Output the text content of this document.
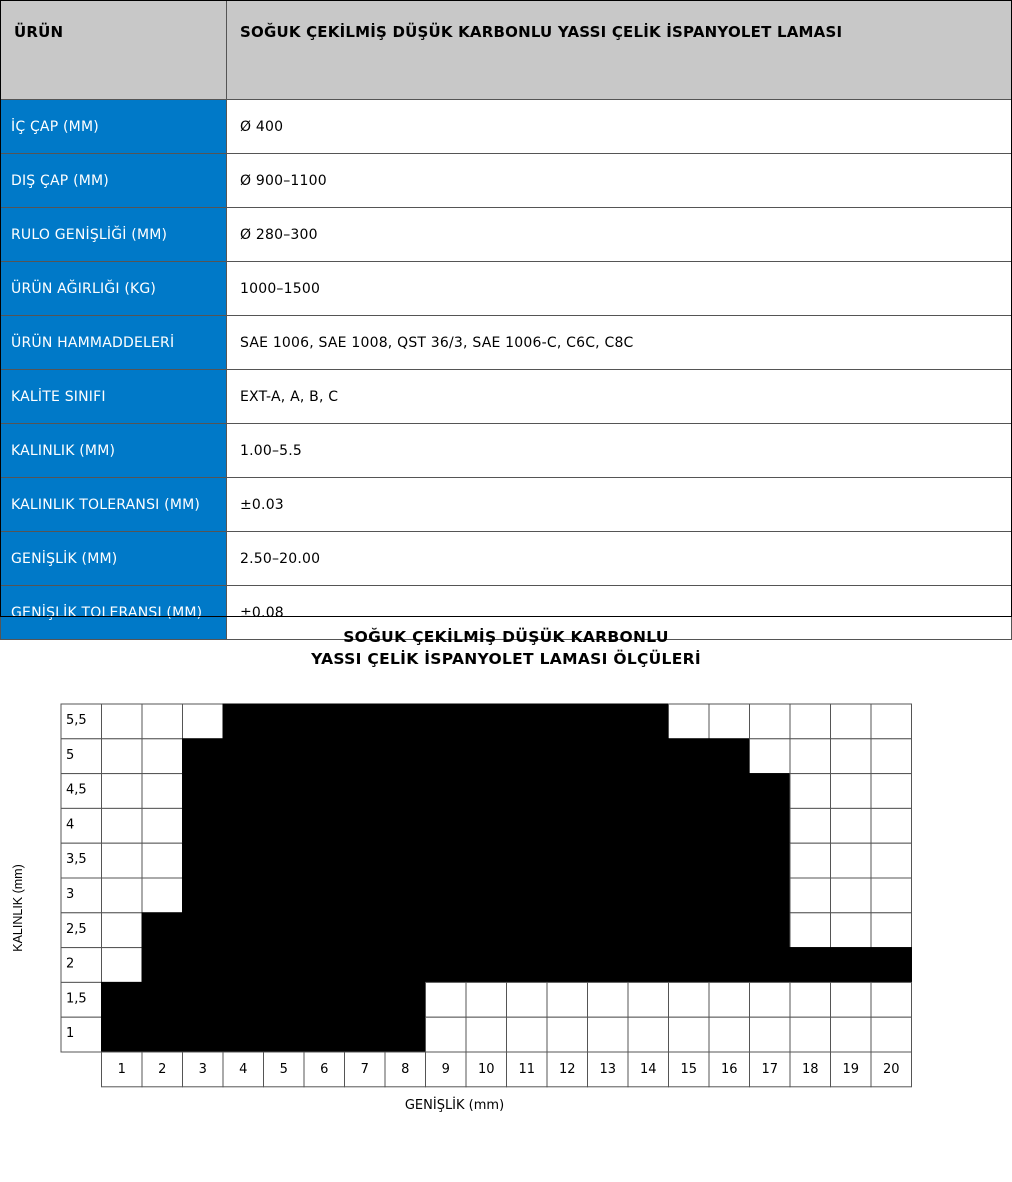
ÜRÜN	SOĞUK ÇEKİLMİŞ DÜŞÜK KARBONLU YASSI ÇELİK İSPANYOLET LAMASI
İÇ ÇAP (MM)	Ø 400
DIŞ ÇAP (MM)	Ø 900–1100
RULO GENİŞLİĞİ (MM)	Ø 280–300
ÜRÜN AĞIRLIĞI (KG)	1000–1500
ÜRÜN HAMMADDELERİ	SAE 1006, SAE 1008, QST 36/3, SAE 1006-C, C6C, C8C
KALİTE SINIFI	EXT-A, A, B, C
KALINLIK (MM)	1.00–5.5
KALINLIK TOLERANSI (MM)	±0.03
GENİŞLİK (MM)	2.50–20.00
GENİŞLİK TOLERANSI (MM)	±0.08
SOĞUK ÇEKİLMİŞ DÜŞÜK KARBONLU
YASSI ÇELİK İSPANYOLET LAMASI ÖLÇÜLERİ
5,5
5
4,5
4
3,5
3
2,5
2
1,5
1
1 2 3 4 5 6 7 8 9 10 11 12 13 14 15 16 17 18 19 20
GENİŞLİK (mm)
KALINLIK (mm)
